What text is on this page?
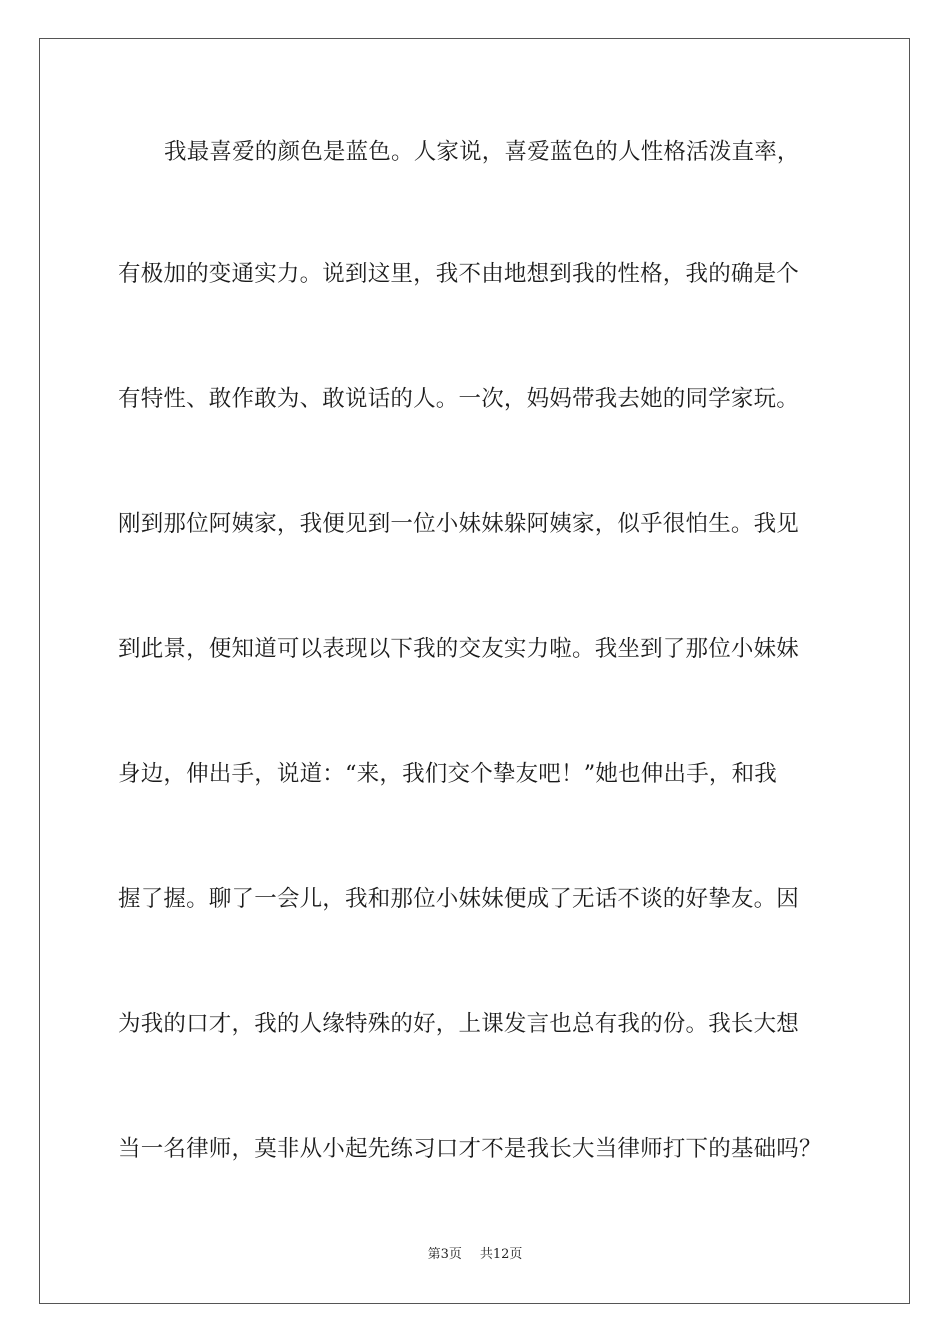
我最喜爱的颜色是蓝色。人家说，喜爱蓝色的人性格活泼直率，
有极加的变通实力。说到这里，我不由地想到我的性格，我的确是个
有特性、敢作敢为、敢说话的人。一次，妈妈带我去她的同学家玩。
刚到那位阿姨家，我便见到一位小妹妹躲阿姨家，似乎很怕生。我见
到此景，便知道可以表现以下我的交友实力啦。我坐到了那位小妹妹
身边，伸出手，说道：“来，我们交个挚友吧！”她也伸出手，和我
握了握。聊了一会儿，我和那位小妹妹便成了无话不谈的好挚友。因
为我的口才，我的人缘特殊的好，上课发言也总有我的份。我长大想
当一名律师，莫非从小起先练习口才不是我长大当律师打下的基础吗？
第3页 共12页
